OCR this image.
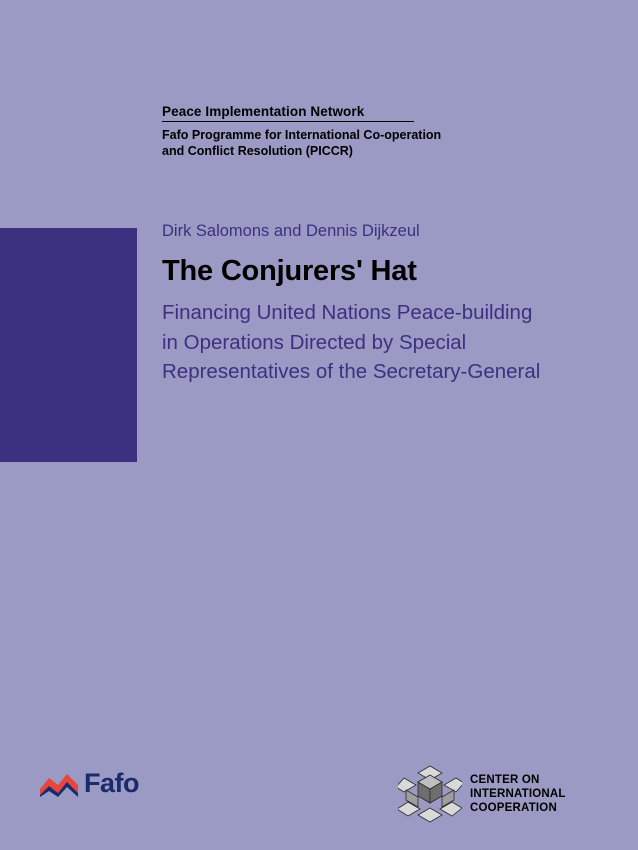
Peace Implementation Network
Fafo Programme for International Co-operation
and Conflict Resolution (PICCR)
Dirk Salomons and Dennis Dijkzeul
The Conjurers' Hat
Financing United Nations Peace-building
in Operations Directed by Special
Representatives of the Secretary-General
Fafo	CENTER ON
INTERNATIONAL
COOPERATION
